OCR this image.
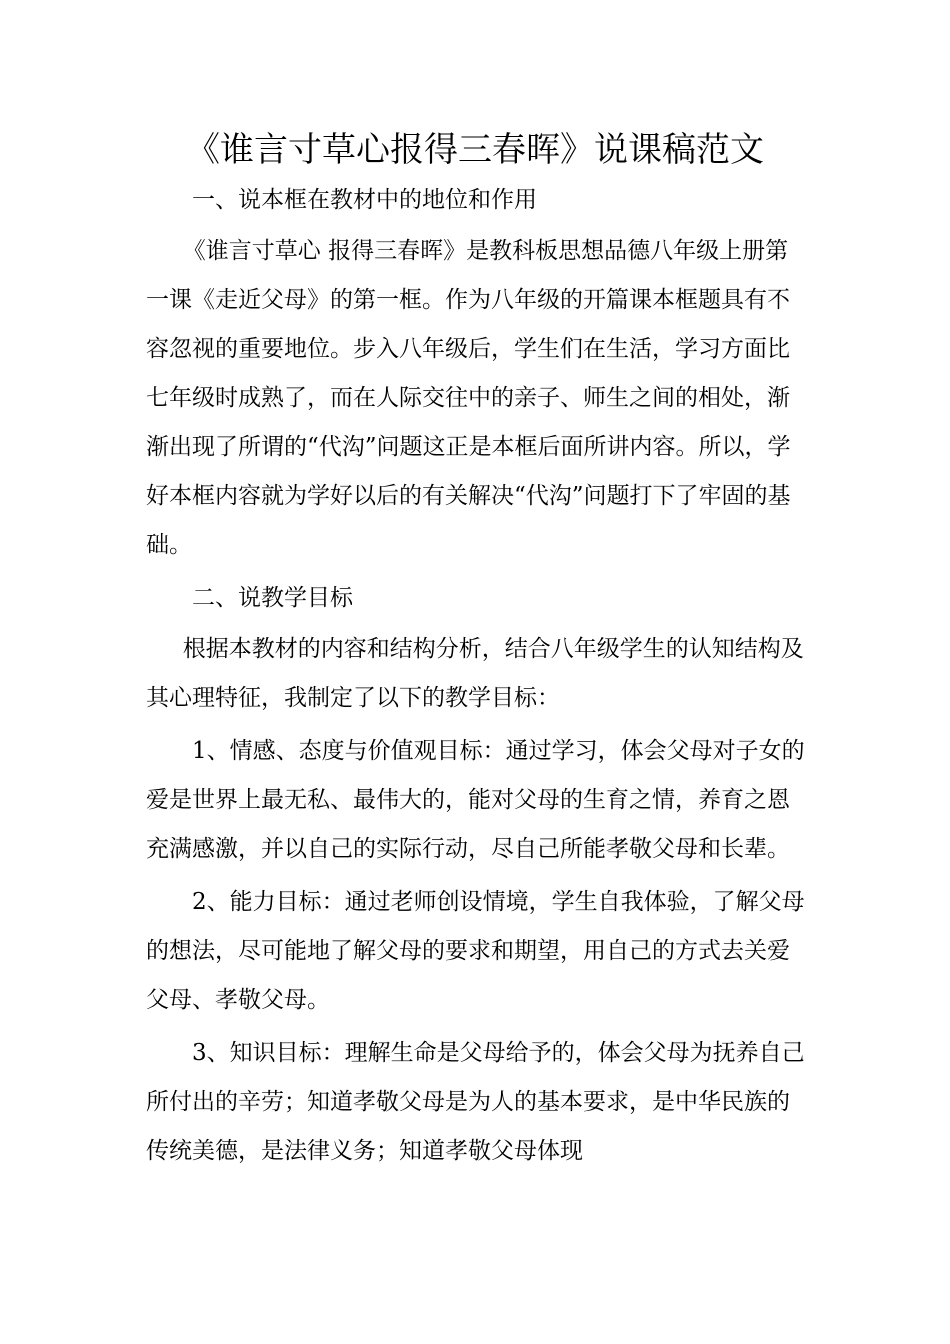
《谁言寸草心报得三春晖》说课稿范文

一、说本框在教材中的地位和作用

《谁言寸草心 报得三春晖》是教科板思想品德八年级上册第一课《走近父母》的第一框。作为八年级的开篇课本框题具有不容忽视的重要地位。步入八年级后，学生们在生活，学习方面比七年级时成熟了，而在人际交往中的亲子、师生之间的相处，渐渐出现了所谓的“代沟”问题这正是本框后面所讲内容。所以，学好本框内容就为学好以后的有关解决“代沟”问题打下了牢固的基础。

二、说教学目标

根据本教材的内容和结构分析，结合八年级学生的认知结构及其心理特征，我制定了以下的教学目标：

1、情感、态度与价值观目标：通过学习，体会父母对子女的爱是世界上最无私、最伟大的，能对父母的生育之情，养育之恩充满感激，并以自己的实际行动，尽自己所能孝敬父母和长辈。

2、能力目标：通过老师创设情境，学生自我体验，了解父母的想法，尽可能地了解父母的要求和期望，用自己的方式去关爱父母、孝敬父母。

3、知识目标：理解生命是父母给予的，体会父母为抚养自己所付出的辛劳；知道孝敬父母是为人的基本要求，是中华民族的传统美德，是法律义务；知道孝敬父母体现
